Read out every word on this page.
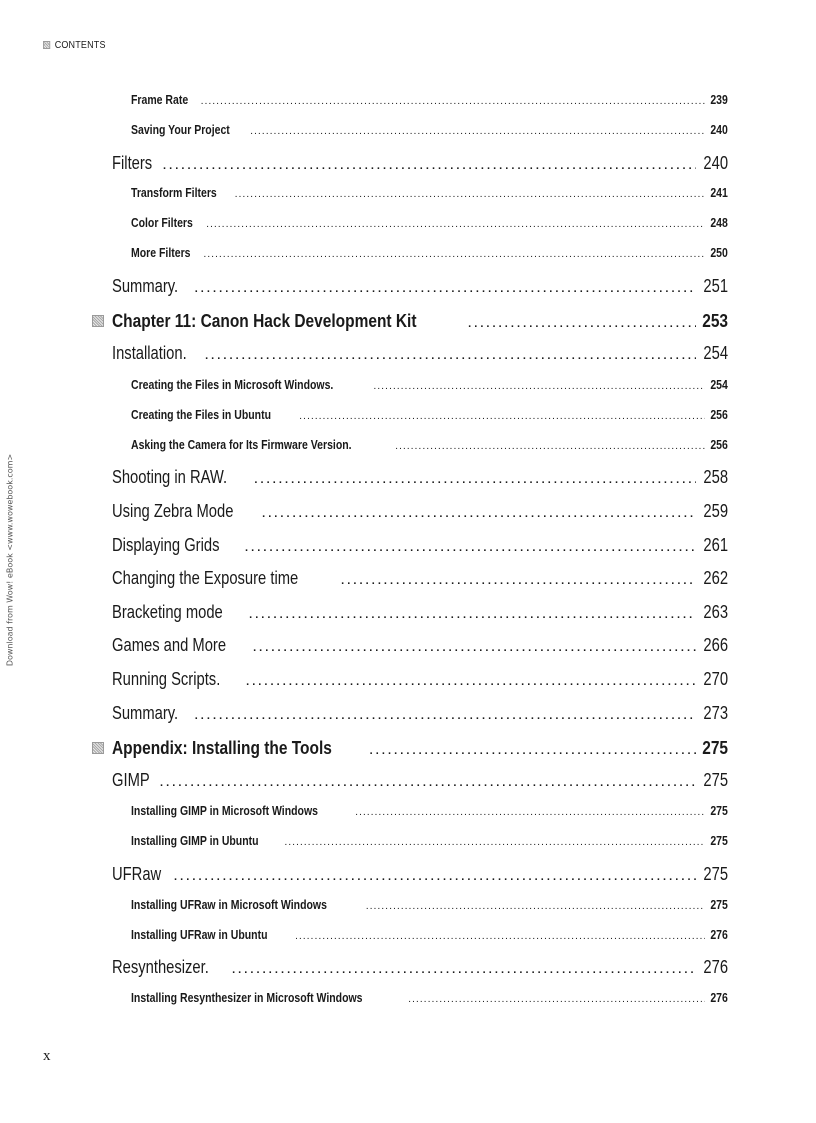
CONTENTS
Download from Wow! eBook <www.wowebook.com>
Frame Rate . . .	239
Saving Your Project . . .	240
Filters . . .	240
Transform Filters . . .	241
Color Filters . . .	248
More Filters . . .	250
Summary. . . .	251
Chapter 11: Canon Hack Development Kit . . .	253
Installation. . . .	254
Creating the Files in Microsoft Windows. . . .	254
Creating the Files in Ubuntu . . .	256
Asking the Camera for Its Firmware Version. . . .	256
Shooting in RAW. . . .	258
Using Zebra Mode . . .	259
Displaying Grids . . .	261
Changing the Exposure time . . .	262
Bracketing mode . . .	263
Games and More . . .	266
Running Scripts. . . .	270
Summary. . . .	273
Appendix: Installing the Tools . . .	275
GIMP . . .	275
Installing GIMP in Microsoft Windows . . .	275
Installing GIMP in Ubuntu . . .	275
UFRaw . . .	275
Installing UFRaw in Microsoft Windows . . .	275
Installing UFRaw in Ubuntu . . .	276
Resynthesizer. . . .	276
Installing Resynthesizer in Microsoft Windows . . .	276
x
